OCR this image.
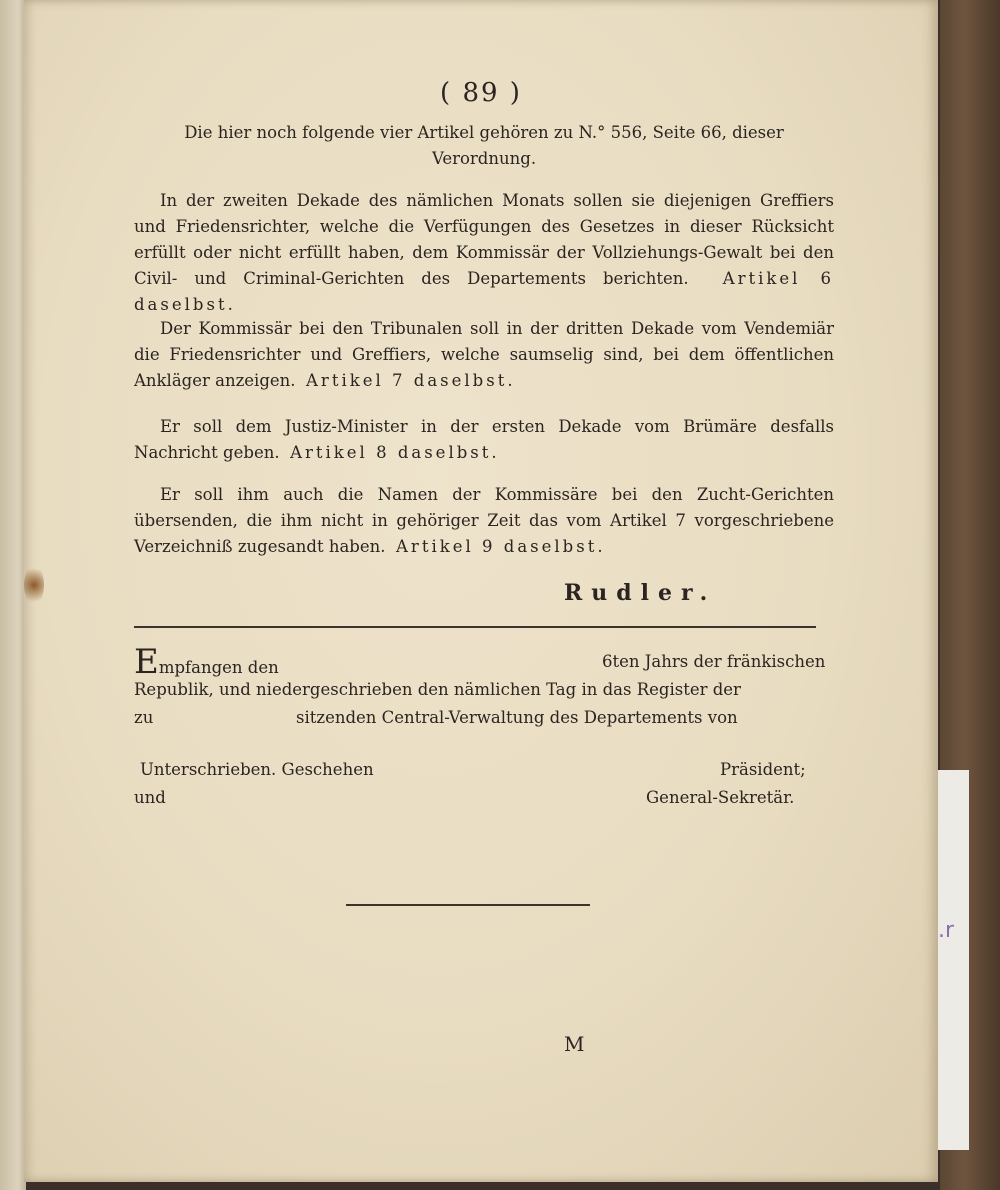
.r
( 89 )
Die hier noch folgende vier Artikel gehören zu N.° 556, Seite 66, dieser
Verordnung.

In der zweiten Dekade des nämlichen Monats sollen sie diejenigen Greffiers und Friedensrichter, welche die Verfügungen des Gesetzes in dieser Rücksicht erfüllt oder nicht erfüllt haben, dem Kommissär der Vollziehungs-Gewalt bei den Civil- und Criminal-Gerichten des Departements berichten. Artikel 6 daselbst.

Der Kommissär bei den Tribunalen soll in der dritten Dekade vom Vendemiär die Friedensrichter und Greffiers, welche saumselig sind, bei dem öffentlichen Ankläger anzeigen. Artikel 7 daselbst.

Er soll dem Justiz-Minister in der ersten Dekade vom Brümäre desfalls Nachricht geben. Artikel 8 daselbst.

Er soll ihm auch die Namen der Kommissäre bei den Zucht-Gerichten übersenden, die ihm nicht in gehöriger Zeit das vom Artikel 7 vorgeschriebene Verzeichniß zugesandt haben. Artikel 9 daselbst.

Rudler.
Empfangen den	6ten Jahrs der fränkischen
Republik, und niedergeschrieben den nämlichen Tag in das Register der
zu	sitzenden Central-Verwaltung des Departements von
Unterschrieben. Geschehen	Präsident;
und	General-Sekretär.
M
